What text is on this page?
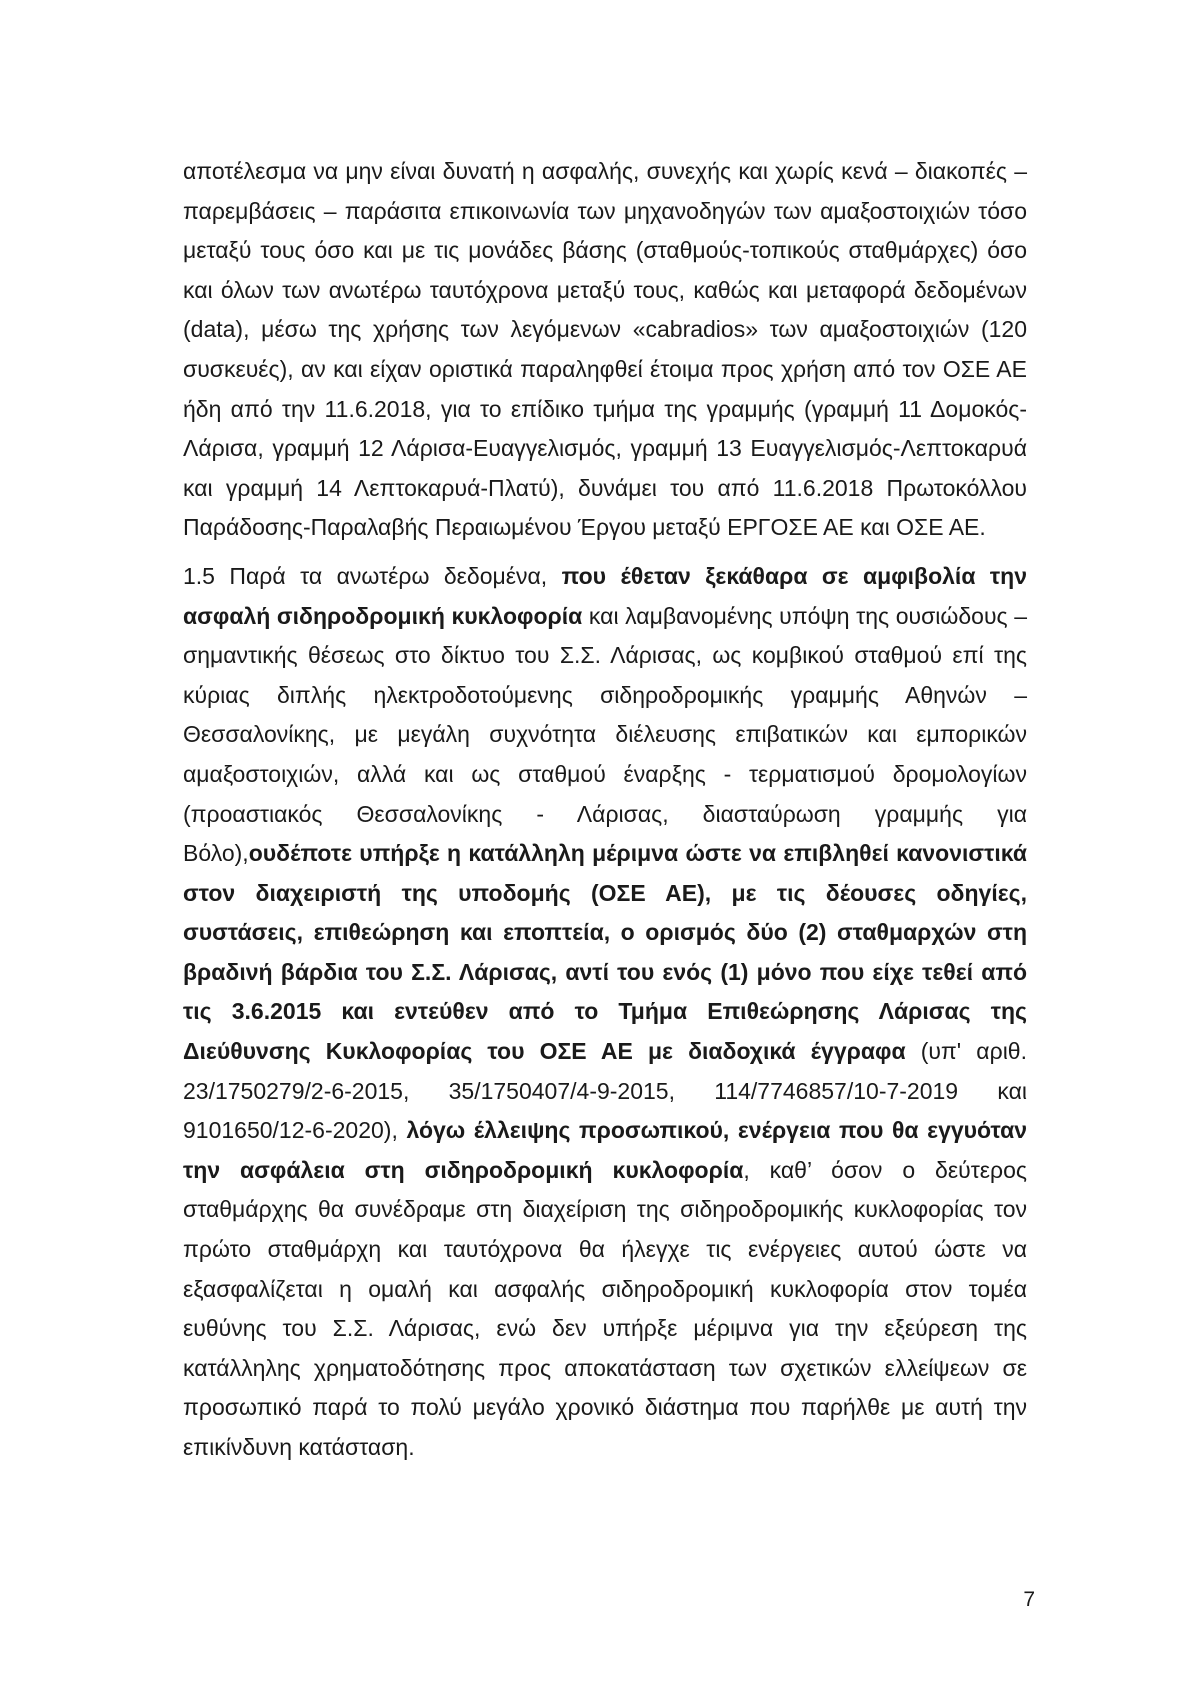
αποτέλεσμα να μην είναι δυνατή η ασφαλής, συνεχής και χωρίς κενά – διακοπές – παρεμβάσεις – παράσιτα επικοινωνία των μηχανοδηγών των αμαξοστοιχιών τόσο μεταξύ τους όσο και με τις μονάδες βάσης (σταθμούς-τοπικούς σταθμάρχες) όσο και όλων των ανωτέρω ταυτόχρονα μεταξύ τους, καθώς και μεταφορά δεδομένων (data), μέσω της χρήσης των λεγόμενων «cabradios» των αμαξοστοιχιών (120 συσκευές), αν και είχαν οριστικά παραληφθεί έτοιμα προς χρήση από τον ΟΣΕ ΑΕ ήδη από την 11.6.2018, για το επίδικο τμήμα της γραμμής (γραμμή 11 Δομοκός-Λάρισα, γραμμή 12 Λάρισα-Ευαγγελισμός, γραμμή 13 Ευαγγελισμός-Λεπτοκαρυά και γραμμή 14 Λεπτοκαρυά-Πλατύ), δυνάμει του από 11.6.2018 Πρωτοκόλλου Παράδοσης-Παραλαβής Περαιωμένου Έργου μεταξύ ΕΡΓΟΣΕ ΑΕ και ΟΣΕ ΑΕ.

1.5 Παρά τα ανωτέρω δεδομένα, που έθεταν ξεκάθαρα σε αμφιβολία την ασφαλή σιδηροδρομική κυκλοφορία και λαμβανομένης υπόψη της ουσιώδους – σημαντικής θέσεως στο δίκτυο του Σ.Σ. Λάρισας, ως κομβικού σταθμού επί της κύριας διπλής ηλεκτροδοτούμενης σιδηροδρομικής γραμμής Αθηνών – Θεσσαλονίκης, με μεγάλη συχνότητα διέλευσης επιβατικών και εμπορικών αμαξοστοιχιών, αλλά και ως σταθμού έναρξης - τερματισμού δρομολογίων (προαστιακός Θεσσαλονίκης - Λάρισας, διασταύρωση γραμμής για Βόλο),ουδέποτε υπήρξε η κατάλληλη μέριμνα ώστε να επιβληθεί κανονιστικά στον διαχειριστή της υποδομής (ΟΣΕ ΑΕ), με τις δέουσες οδηγίες, συστάσεις, επιθεώρηση και εποπτεία, ο ορισμός δύο (2) σταθμαρχών στη βραδινή βάρδια του Σ.Σ. Λάρισας, αντί του ενός (1) μόνο που είχε τεθεί από τις 3.6.2015 και εντεύθεν από το Τμήμα Επιθεώρησης Λάρισας της Διεύθυνσης Κυκλοφορίας του ΟΣΕ ΑΕ με διαδοχικά έγγραφα (υπ' αριθ. 23/1750279/2-6-2015, 35/1750407/4-9-2015, 114/7746857/10-7-2019 και 9101650/12-6-2020), λόγω έλλειψης προσωπικού, ενέργεια που θα εγγυόταν την ασφάλεια στη σιδηροδρομική κυκλοφορία, καθ’ όσον ο δεύτερος σταθμάρχης θα συνέδραμε στη διαχείριση της σιδηροδρομικής κυκλοφορίας τον πρώτο σταθμάρχη και ταυτόχρονα θα ήλεγχε τις ενέργειες αυτού ώστε να εξασφαλίζεται η ομαλή και ασφαλής σιδηροδρομική κυκλοφορία στον τομέα ευθύνης του Σ.Σ. Λάρισας, ενώ δεν υπήρξε μέριμνα για την εξεύρεση της κατάλληλης χρηματοδότησης προς αποκατάσταση των σχετικών ελλείψεων σε προσωπικό παρά το πολύ μεγάλο χρονικό διάστημα που παρήλθε με αυτή την επικίνδυνη κατάσταση.

7
